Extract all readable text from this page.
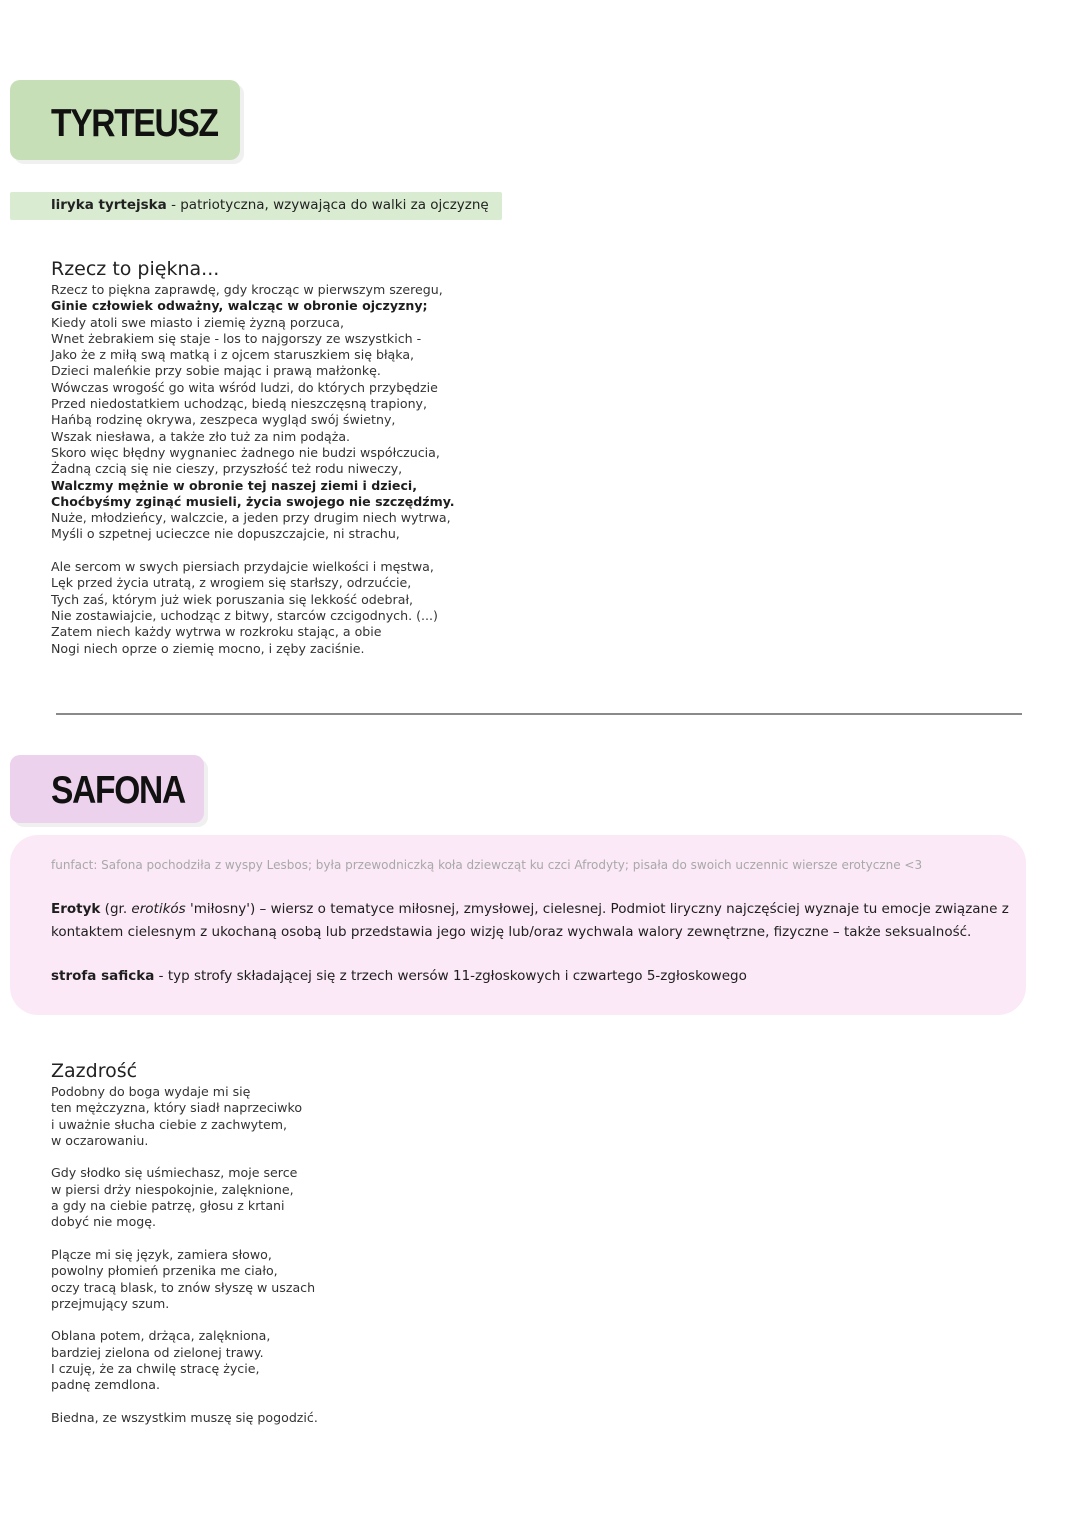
TYRTEUSZ

liryka tyrtejska - patriotyczna, wzywająca do walki za ojczyznę

Rzecz to piękna...
Rzecz to piękna zaprawdę, gdy krocząc w pierwszym szeregu,
Ginie człowiek odważny, walcząc w obronie ojczyzny;
Kiedy atoli swe miasto i ziemię żyzną porzuca,
Wnet żebrakiem się staje - los to najgorszy ze wszystkich -
Jako że z miłą swą matką i z ojcem staruszkiem się błąka,
Dzieci maleńkie przy sobie mając i prawą małżonkę.
Wówczas wrogość go wita wśród ludzi, do których przybędzie
Przed niedostatkiem uchodząc, biedą nieszczęsną trapiony,
Hańbą rodzinę okrywa, zeszpeca wygląd swój świetny,
Wszak niesława, a także zło tuż za nim podąża.
Skoro więc błędny wygnaniec żadnego nie budzi współczucia,
Żadną czcią się nie cieszy, przyszłość też rodu niweczy,
Walczmy mężnie w obronie tej naszej ziemi i dzieci,
Choćbyśmy zginąć musieli, życia swojego nie szczędźmy.
Nuże, młodzieńcy, walczcie, a jeden przy drugim niech wytrwa,
Myśli o szpetnej ucieczce nie dopuszczajcie, ni strachu,
Ale sercom w swych piersiach przydajcie wielkości i męstwa,
Lęk przed życia utratą, z wrogiem się starłszy, odrzućcie,
Tych zaś, którym już wiek poruszania się lekkość odebrał,
Nie zostawiajcie, uchodząc z bitwy, starców czcigodnych. (...)
Zatem niech każdy wytrwa w rozkroku stając, a obie
Nogi niech oprze o ziemię mocno, i zęby zaciśnie.
SAFONA

funfact: Safona pochodziła z wyspy Lesbos; była przewodniczką koła dziewcząt ku czci Afrodyty; pisała do swoich uczennic wiersze erotyczne <3

Erotyk (gr. erotikós 'miłosny') – wiersz o tematyce miłosnej, zmysłowej, cielesnej. Podmiot liryczny najczęściej wyznaje tu emocje związane z kontaktem cielesnym z ukochaną osobą lub przedstawia jego wizję lub/oraz wychwala walory zewnętrzne, fizyczne – także seksualność.

strofa saficka - typ strofy składającej się z trzech wersów 11-zgłoskowych i czwartego 5-zgłoskowego

Zazdrość
Podobny do boga wydaje mi się
ten mężczyzna, który siadł naprzeciwko
i uważnie słucha ciebie z zachwytem,
w oczarowaniu.
Gdy słodko się uśmiechasz, moje serce
w piersi drży niespokojnie, zalęknione,
a gdy na ciebie patrzę, głosu z krtani
dobyć nie mogę.
Plącze mi się język, zamiera słowo,
powolny płomień przenika me ciało,
oczy tracą blask, to znów słyszę w uszach
przejmujący szum.
Oblana potem, drżąca, zalękniona,
bardziej zielona od zielonej trawy.
I czuję, że za chwilę stracę życie,
padnę zemdlona.
Biedna, ze wszystkim muszę się pogodzić.
